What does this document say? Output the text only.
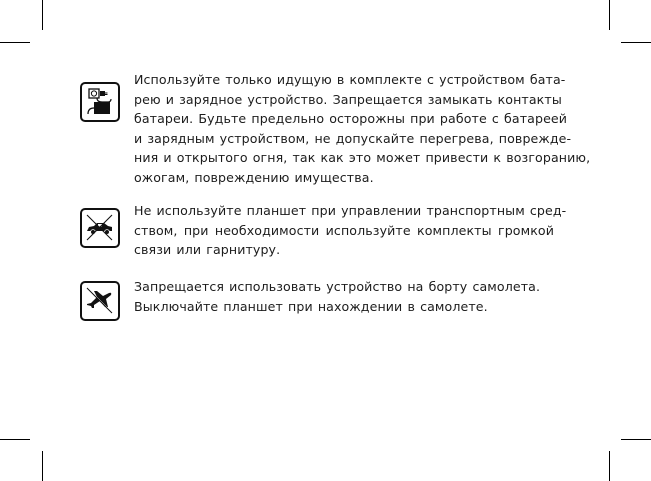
Используйте только идущую в комплекте с устройством бата-
рею и зарядное устройство. Запрещается замыкать контакты
батареи. Будьте предельно осторожны при работе с батареей
и зарядным устройством, не допускайте перегрева, поврежде-
ния и открытого огня, так как это может привести к возгоранию,
ожогам, повреждению имущества.
Не используйте планшет при управлении транспортным сред-
ством, при необходимости используйте комплекты громкой
связи или гарнитуру.
Запрещается использовать устройство на борту самолета.
Выключайте планшет при нахождении в самолете.
